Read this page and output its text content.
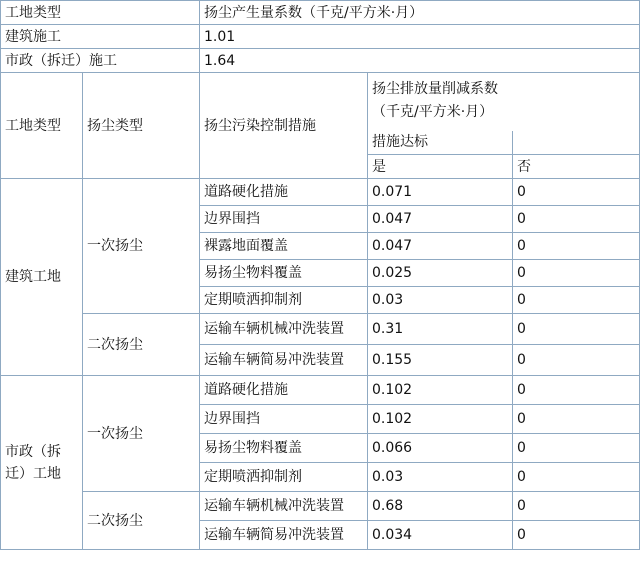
工地类型		扬尘产生量系数（千克/平方米·月）		
建筑施工		1.01		
市政（拆迁）施工		1.64		
工地类型	扬尘类型	扬尘污染控制措施	扬尘排放量削减系数
（千克/平方米·月）	

			措施达标	
			是	否
建筑工地	一次扬尘	道路硬化措施	0.071	0
		边界围挡	0.047	0
		裸露地面覆盖	0.047	0
		易扬尘物料覆盖	0.025	0
		定期喷洒抑制剂	0.03	0
	二次扬尘	运输车辆机械冲洗装置	0.31	0
		运输车辆简易冲洗装置	0.155	0
市政（拆迁）工地	一次扬尘	道路硬化措施	0.102	0
		边界围挡	0.102	0
		易扬尘物料覆盖	0.066	0
		定期喷洒抑制剂	0.03	0
	二次扬尘	运输车辆机械冲洗装置	0.68	0
		运输车辆简易冲洗装置	0.034	0
